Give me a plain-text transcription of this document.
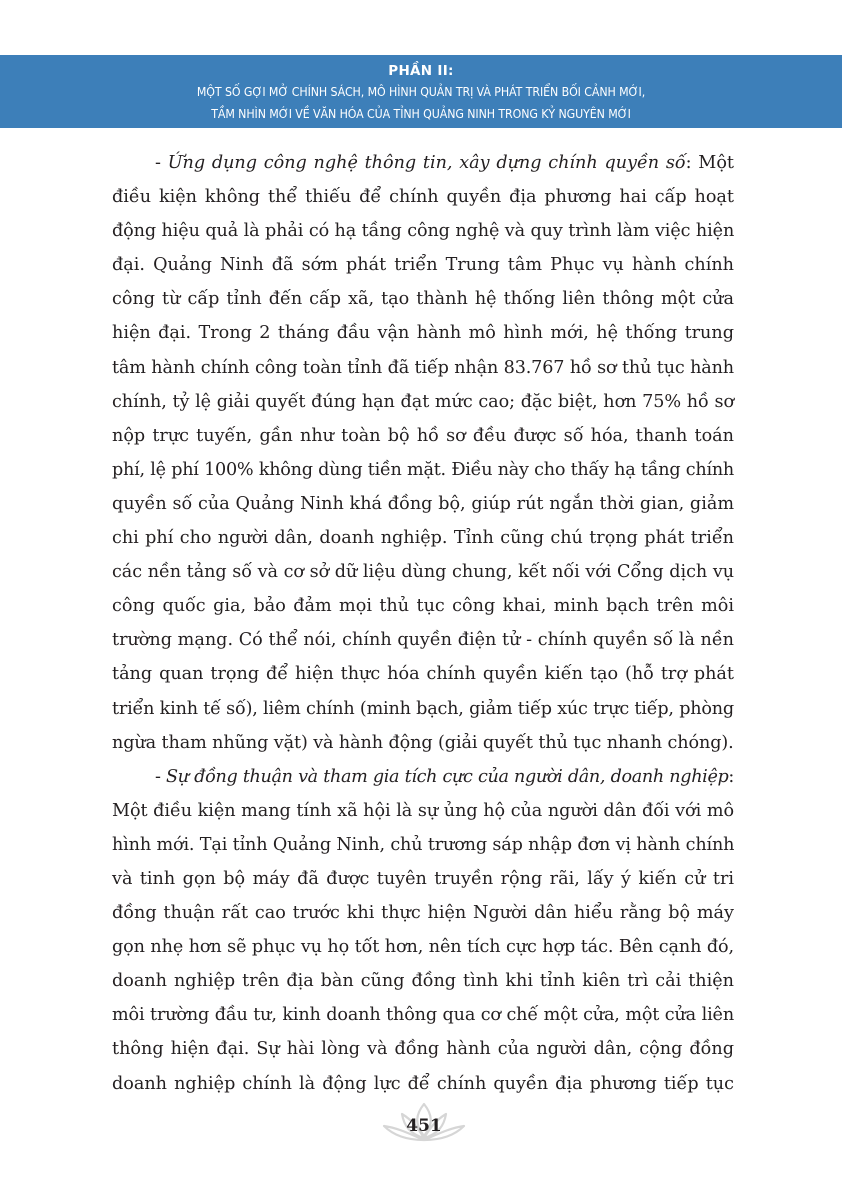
PHẦN II:
MỘT SỐ GỢI MỞ CHÍNH SÁCH, MÔ HÌNH QUẢN TRỊ VÀ PHÁT TRIỂN BỐI CẢNH MỚI,
TẦM NHÌN MỚI VỀ VĂN HÓA CỦA TỈNH QUẢNG NINH TRONG KỶ NGUYÊN MỚI
- Ứng dụng công nghệ thông tin, xây dựng chính quyền số: Một
điều kiện không thể thiếu để chính quyền địa phương hai cấp hoạt
động hiệu quả là phải có hạ tầng công nghệ và quy trình làm việc hiện
đại. Quảng Ninh đã sớm phát triển Trung tâm Phục vụ hành chính
công từ cấp tỉnh đến cấp xã, tạo thành hệ thống liên thông một cửa
hiện đại. Trong 2 tháng đầu vận hành mô hình mới, hệ thống trung
tâm hành chính công toàn tỉnh đã tiếp nhận 83.767 hồ sơ thủ tục hành
chính, tỷ lệ giải quyết đúng hạn đạt mức cao; đặc biệt, hơn 75% hồ sơ
nộp trực tuyến, gần như toàn bộ hồ sơ đều được số hóa, thanh toán
phí, lệ phí 100% không dùng tiền mặt. Điều này cho thấy hạ tầng chính
quyền số của Quảng Ninh khá đồng bộ, giúp rút ngắn thời gian, giảm
chi phí cho người dân, doanh nghiệp. Tỉnh cũng chú trọng phát triển
các nền tảng số và cơ sở dữ liệu dùng chung, kết nối với Cổng dịch vụ
công quốc gia, bảo đảm mọi thủ tục công khai, minh bạch trên môi
trường mạng. Có thể nói, chính quyền điện tử - chính quyền số là nền
tảng quan trọng để hiện thực hóa chính quyền kiến tạo (hỗ trợ phát
triển kinh tế số), liêm chính (minh bạch, giảm tiếp xúc trực tiếp, phòng
ngừa tham nhũng vặt) và hành động (giải quyết thủ tục nhanh chóng).
- Sự đồng thuận và tham gia tích cực của người dân, doanh nghiệp:
Một điều kiện mang tính xã hội là sự ủng hộ của người dân đối với mô
hình mới. Tại tỉnh Quảng Ninh, chủ trương sáp nhập đơn vị hành chính
và tinh gọn bộ máy đã được tuyên truyền rộng rãi, lấy ý kiến cử tri
đồng thuận rất cao trước khi thực hiện Người dân hiểu rằng bộ máy
gọn nhẹ hơn sẽ phục vụ họ tốt hơn, nên tích cực hợp tác. Bên cạnh đó,
doanh nghiệp trên địa bàn cũng đồng tình khi tỉnh kiên trì cải thiện
môi trường đầu tư, kinh doanh thông qua cơ chế một cửa, một cửa liên
thông hiện đại. Sự hài lòng và đồng hành của người dân, cộng đồng
doanh nghiệp chính là động lực để chính quyền địa phương tiếp tục
451
